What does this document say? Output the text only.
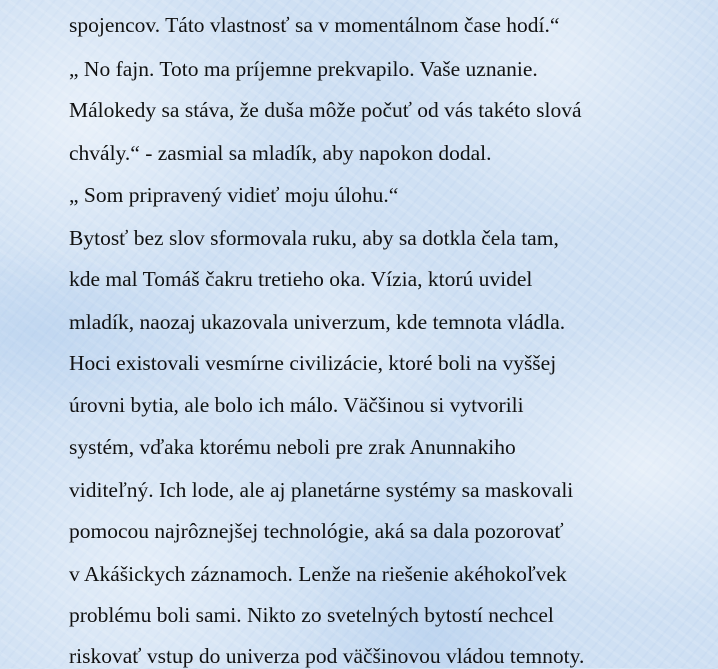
spojencov. Táto vlastnosť sa v momentálnom čase hodí.“
„ No fajn. Toto ma príjemne prekvapilo. Vaše uznanie.
Málokedy sa stáva, že duša môže počuť od vás takéto slová
chvály.“ - zasmial sa mladík, aby napokon dodal.
„ Som pripravený vidieť moju úlohu.“
Bytosť bez slov sformovala ruku, aby sa dotkla čela tam,
kde mal Tomáš čakru tretieho oka. Vízia, ktorú uvidel
mladík, naozaj ukazovala univerzum, kde temnota vládla.
Hoci existovali vesmírne civilizácie, ktoré boli na vyššej
úrovni bytia, ale bolo ich málo. Väčšinou si vytvorili
systém, vďaka ktorému neboli pre zrak Anunnakiho
viditeľný. Ich lode, ale aj planetárne systémy sa maskovali
pomocou najrôznejšej technológie, aká sa dala pozorovať
v Akášickych záznamoch. Lenže na riešenie akéhokoľvek
problému boli sami. Nikto zo svetelných bytostí nechcel
riskovať vstup do univerza pod väčšinovou vládou temnoty.
